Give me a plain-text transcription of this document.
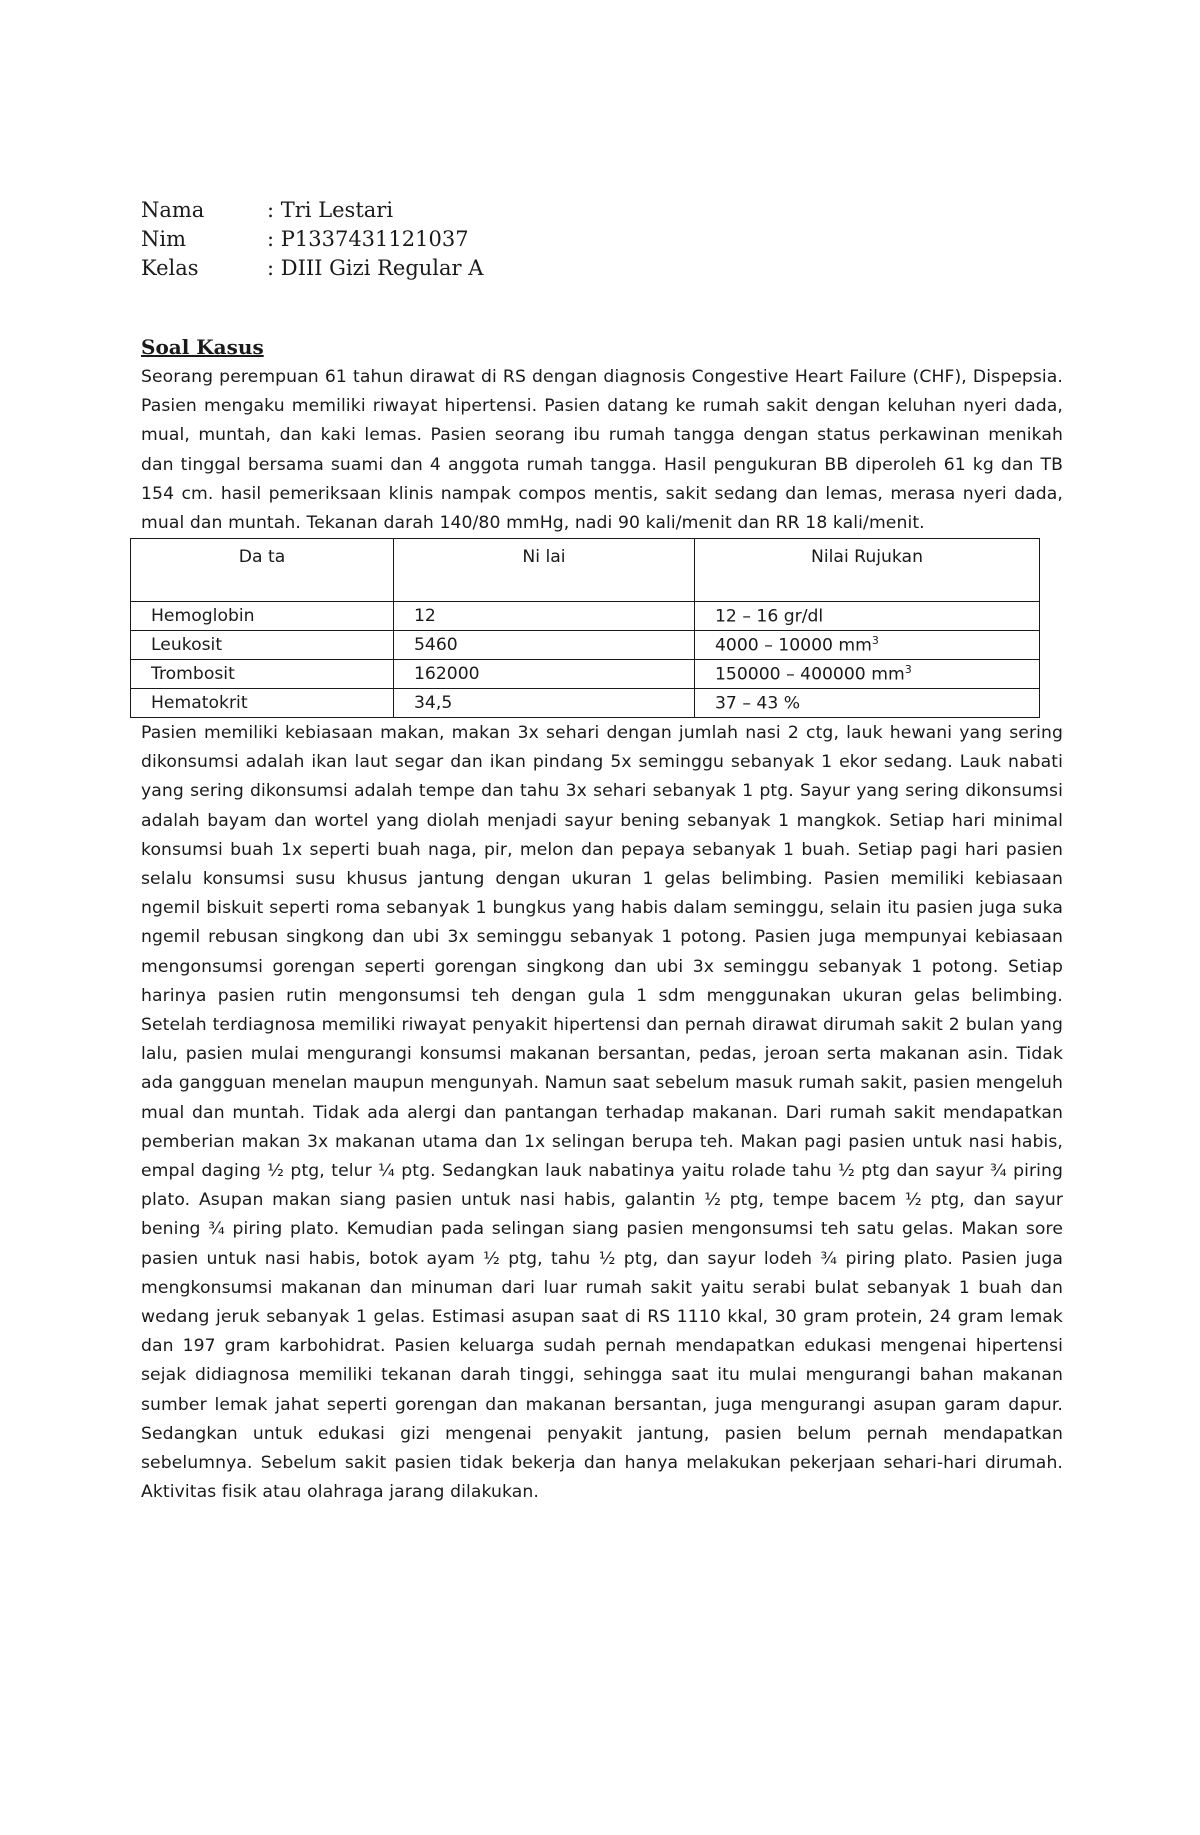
Nama	: Tri Lestari
Nim	: P1337431121037
Kelas	: DIII Gizi Regular A
Soal Kasus
Seorang perempuan 61 tahun dirawat di RS dengan diagnosis Congestive Heart Failure (CHF), Dispepsia. Pasien mengaku memiliki riwayat hipertensi. Pasien datang ke rumah sakit dengan keluhan nyeri dada, mual, muntah, dan kaki lemas. Pasien seorang ibu rumah tangga dengan status perkawinan menikah dan tinggal bersama suami dan 4 anggota rumah tangga. Hasil pengukuran BB diperoleh 61 kg dan TB 154 cm. hasil pemeriksaan klinis nampak compos mentis, sakit sedang dan lemas, merasa nyeri dada, mual dan muntah. Tekanan darah 140/80 mmHg, nadi 90 kali/menit dan RR 18 kali/menit.
Da ta	Ni lai	Nilai Rujukan
Hemoglobin	12	12 – 16 gr/dl
Leukosit	5460	4000 – 10000 $mm^3$
Trombosit	162000	150000 – 400000 $mm^3$
Hematokrit	34,5	37 – 43 %
Pasien memiliki kebiasaan makan, makan 3x sehari dengan jumlah nasi 2 ctg, lauk hewani yang sering dikonsumsi adalah ikan laut segar dan ikan pindang 5x seminggu sebanyak 1 ekor sedang. Lauk nabati yang sering dikonsumsi adalah tempe dan tahu 3x sehari sebanyak 1 ptg. Sayur yang sering dikonsumsi adalah bayam dan wortel yang diolah menjadi sayur bening sebanyak 1 mangkok. Setiap hari minimal konsumsi buah 1x seperti buah naga, pir, melon dan pepaya sebanyak 1 buah. Setiap pagi hari pasien selalu konsumsi susu khusus jantung dengan ukuran 1 gelas belimbing. Pasien memiliki kebiasaan ngemil biskuit seperti roma sebanyak 1 bungkus yang habis dalam seminggu, selain itu pasien juga suka ngemil rebusan singkong dan ubi 3x seminggu sebanyak 1 potong. Pasien juga mempunyai kebiasaan mengonsumsi gorengan seperti gorengan singkong dan ubi 3x seminggu sebanyak 1 potong. Setiap harinya pasien rutin mengonsumsi teh dengan gula 1 sdm menggunakan ukuran gelas belimbing. Setelah terdiagnosa memiliki riwayat penyakit hipertensi dan pernah dirawat dirumah sakit 2 bulan yang lalu, pasien mulai mengurangi konsumsi makanan bersantan, pedas, jeroan serta makanan asin. Tidak ada gangguan menelan maupun mengunyah. Namun saat sebelum masuk rumah sakit, pasien mengeluh mual dan muntah. Tidak ada alergi dan pantangan terhadap makanan. Dari rumah sakit mendapatkan pemberian makan 3x makanan utama dan 1x selingan berupa teh. Makan pagi pasien untuk nasi habis, empal daging ½ ptg, telur ¼ ptg. Sedangkan lauk nabatinya yaitu rolade tahu ½ ptg dan sayur ¾ piring plato. Asupan makan siang pasien untuk nasi habis, galantin ½ ptg, tempe bacem ½ ptg, dan sayur bening ¾ piring plato. Kemudian pada selingan siang pasien mengonsumsi teh satu gelas. Makan sore pasien untuk nasi habis, botok ayam ½ ptg, tahu ½ ptg, dan sayur lodeh ¾ piring plato. Pasien juga mengkonsumsi makanan dan minuman dari luar rumah sakit yaitu serabi bulat sebanyak 1 buah dan wedang jeruk sebanyak 1 gelas. Estimasi asupan saat di RS 1110 kkal, 30 gram protein, 24 gram lemak dan 197 gram karbohidrat. Pasien keluarga sudah pernah mendapatkan edukasi mengenai hipertensi sejak didiagnosa memiliki tekanan darah tinggi, sehingga saat itu mulai mengurangi bahan makanan sumber lemak jahat seperti gorengan dan makanan bersantan, juga mengurangi asupan garam dapur. Sedangkan untuk edukasi gizi mengenai penyakit jantung, pasien belum pernah mendapatkan sebelumnya. Sebelum sakit pasien tidak bekerja dan hanya melakukan pekerjaan sehari-hari dirumah. Aktivitas fisik atau olahraga jarang dilakukan.
